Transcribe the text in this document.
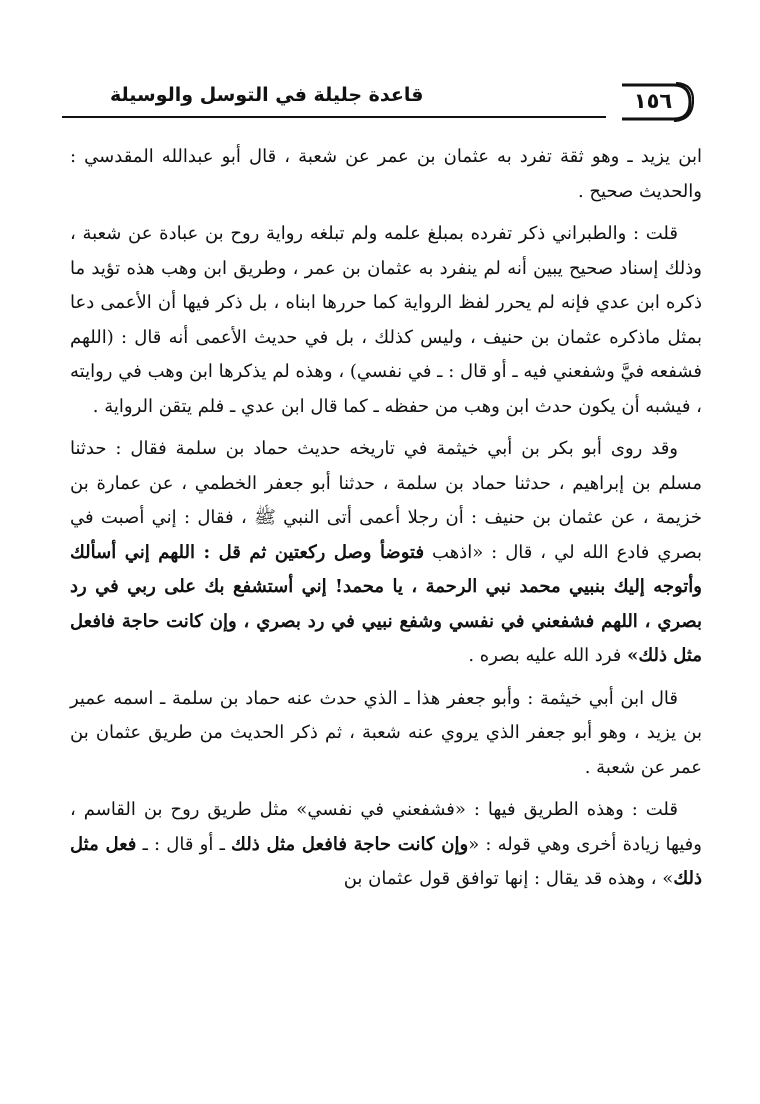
قاعدة جليلة في التوسل والوسيلة	١٥٦

ابن يزيد ـ وهو ثقة تفرد به عثمان بن عمر عن شعبة ، قال أبو عبدالله المقدسي : والحديث صحيح .

قلت : والطبراني ذكر تفرده بمبلغ علمه ولم تبلغه رواية روح بن عبادة عن شعبة ، وذلك إسناد صحيح يبين أنه لم ينفرد به عثمان بن عمر ، وطريق ابن وهب هذه تؤيد ما ذكره ابن عدي فإنه لم يحرر لفظ الرواية كما حررها ابناه ، بل ذكر فيها أن الأعمى دعا بمثل ماذكره عثمان بن حنيف ، وليس كذلك ، بل في حديث الأعمى أنه قال : (اللهم فشفعه فيَّ وشفعني فيه ـ أو قال : ـ في نفسي) ، وهذه لم يذكرها ابن وهب في روايته ، فيشبه أن يكون حدث ابن وهب من حفظه ـ كما قال ابن عدي ـ فلم يتقن الرواية .

وقد روى أبو بكر بن أبي خيثمة في تاريخه حديث حماد بن سلمة فقال : حدثنا مسلم بن إبراهيم ، حدثنا حماد بن سلمة ، حدثنا أبو جعفر الخطمي ، عن عمارة بن خزيمة ، عن عثمان بن حنيف : أن رجلا أعمى أتى النبي ﷺ ، فقال : إني أصبت في بصري فادع الله لي ، قال : «اذهب فتوضأ وصل ركعتين ثم قل : اللهم إني أسألك وأتوجه إليك بنبيي محمد نبي الرحمة ، يا محمد! إني أستشفع بك على ربي في رد بصري ، اللهم فشفعني في نفسي وشفع نبيي في رد بصري ، وإن كانت حاجة فافعل مثل ذلك» فرد الله عليه بصره .

قال ابن أبي خيثمة : وأبو جعفر هذا ـ الذي حدث عنه حماد بن سلمة ـ اسمه عمير بن يزيد ، وهو أبو جعفر الذي يروي عنه شعبة ، ثم ذكر الحديث من طريق عثمان بن عمر عن شعبة .

قلت : وهذه الطريق فيها : «فشفعني في نفسي» مثل طريق روح بن القاسم ، وفيها زيادة أخرى وهي قوله : «وإن كانت حاجة فافعل مثل ذلك ـ أو قال : ـ فعل مثل ذلك» ، وهذه قد يقال : إنها توافق قول عثمان بن
